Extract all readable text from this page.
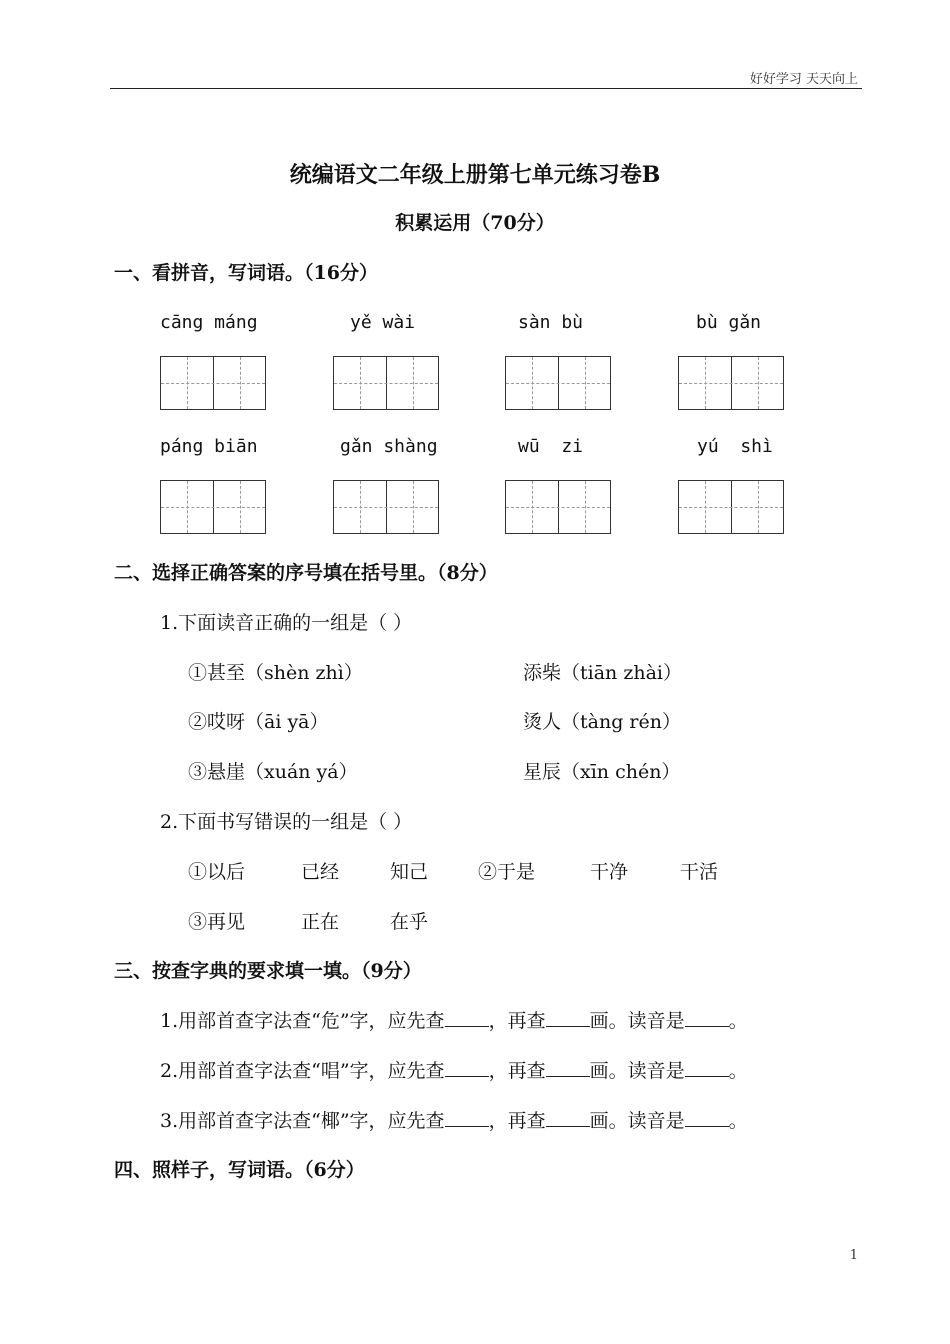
好好学习 天天向上
统编语文二年级上册第七单元练习卷B
积累运用（70分）
一、看拼音，写词语。（16分）
cāng máng	yě wài	sàn bù	bù gǎn
páng biān	gǎn shàng	wū  zi	yú  shì
二、选择正确答案的序号填在括号里。（8分）
1.下面读音正确的一组是（ ）
①甚至（shèn zhì）	添柴（tiān zhài）
②哎呀（āi yā）	烫人（tàng rén）
③悬崖（xuán yá）	星辰（xīn chén）
2.下面书写错误的一组是（ ）
①以后	已经	知己	②于是	干净	干活
③再见	正在	在乎
三、按查字典的要求填一填。（9分）
1.用部首查字法查“危”字，应先查 ，再查 画。读音是 。
2.用部首查字法查“唱”字，应先查 ，再查 画。读音是 。
3.用部首查字法查“椰”字，应先查 ，再查 画。读音是 。
四、照样子，写词语。（6分）
1
